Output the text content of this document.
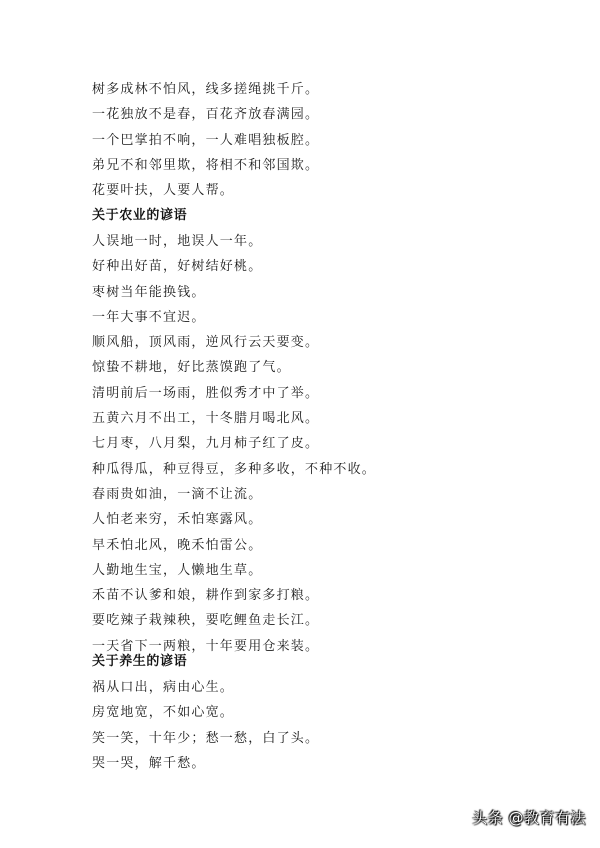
树多成林不怕风，线多搓绳挑千斤。
一花独放不是春，百花齐放春满园。
一个巴掌拍不响，一人难唱独板腔。
弟兄不和邻里欺，将相不和邻国欺。
花要叶扶，人要人帮。
关于农业的谚语
人误地一时，地误人一年。
好种出好苗，好树结好桃。
枣树当年能换钱。
一年大事不宜迟。
顺风船，顶风雨，逆风行云天要变。
惊蛰不耕地，好比蒸馍跑了气。
清明前后一场雨，胜似秀才中了举。
五黄六月不出工，十冬腊月喝北风。
七月枣，八月梨，九月柿子红了皮。
种瓜得瓜，种豆得豆，多种多收，不种不收。
春雨贵如油，一滴不让流。
人怕老来穷，禾怕寒露风。
早禾怕北风，晚禾怕雷公。
人勤地生宝，人懒地生草。
禾苗不认爹和娘，耕作到家多打粮。
要吃辣子栽辣秧，要吃鲤鱼走长江。
一天省下一两粮，十年要用仓来装。
关于养生的谚语
祸从口出，病由心生。
房宽地宽，不如心宽。
笑一笑，十年少；愁一愁，白了头。
哭一哭，解千愁。
头条 @教育有法
